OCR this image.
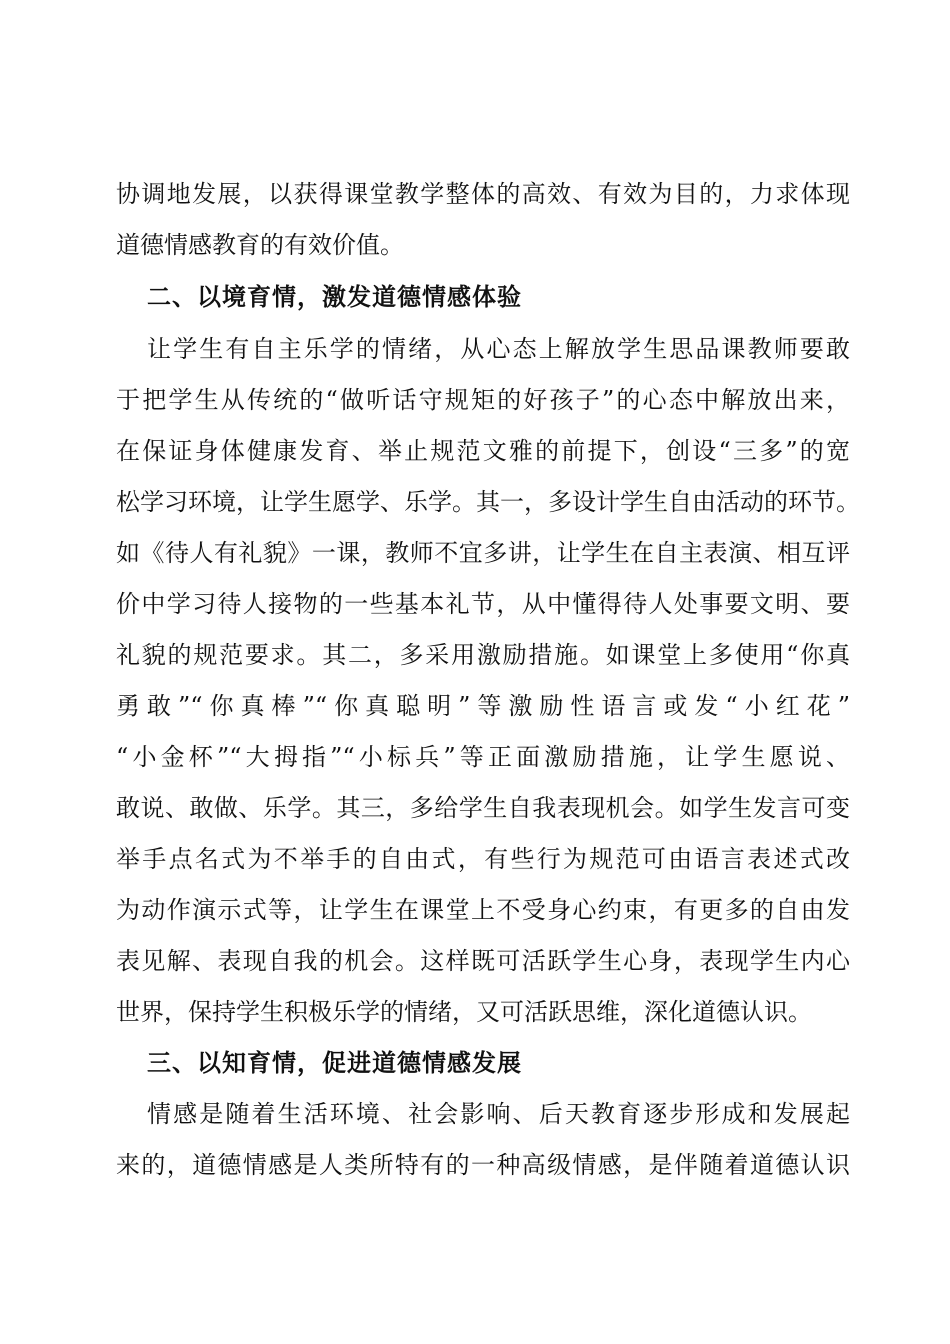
协调地发展，以获得课堂教学整体的高效、有效为目的，力求体现
道德情感教育的有效价值。
二、以境育情，激发道德情感体验
让学生有自主乐学的情绪，从心态上解放学生思品课教师要敢
于把学生从传统的“做听话守规矩的好孩子”的心态中解放出来，
在保证身体健康发育、举止规范文雅的前提下，创设“三多”的宽
松学习环境，让学生愿学、乐学。其一，多设计学生自由活动的环节。
如《待人有礼貌》一课，教师不宜多讲，让学生在自主表演、相互评
价中学习待人接物的一些基本礼节，从中懂得待人处事要文明、要
礼貌的规范要求。其二，多采用激励措施。如课堂上多使用“你真
勇敢”“你真棒”“你真聪明”等激励性语言或发“小红花”
“小金杯”“大拇指”“小标兵”等正面激励措施，让学生愿说、
敢说、敢做、乐学。其三，多给学生自我表现机会。如学生发言可变
举手点名式为不举手的自由式，有些行为规范可由语言表述式改
为动作演示式等，让学生在课堂上不受身心约束，有更多的自由发
表见解、表现自我的机会。这样既可活跃学生心身，表现学生内心
世界，保持学生积极乐学的情绪，又可活跃思维，深化道德认识。
三、以知育情，促进道德情感发展
情感是随着生活环境、社会影响、后天教育逐步形成和发展起
来的，道德情感是人类所特有的一种高级情感，是伴随着道德认识
